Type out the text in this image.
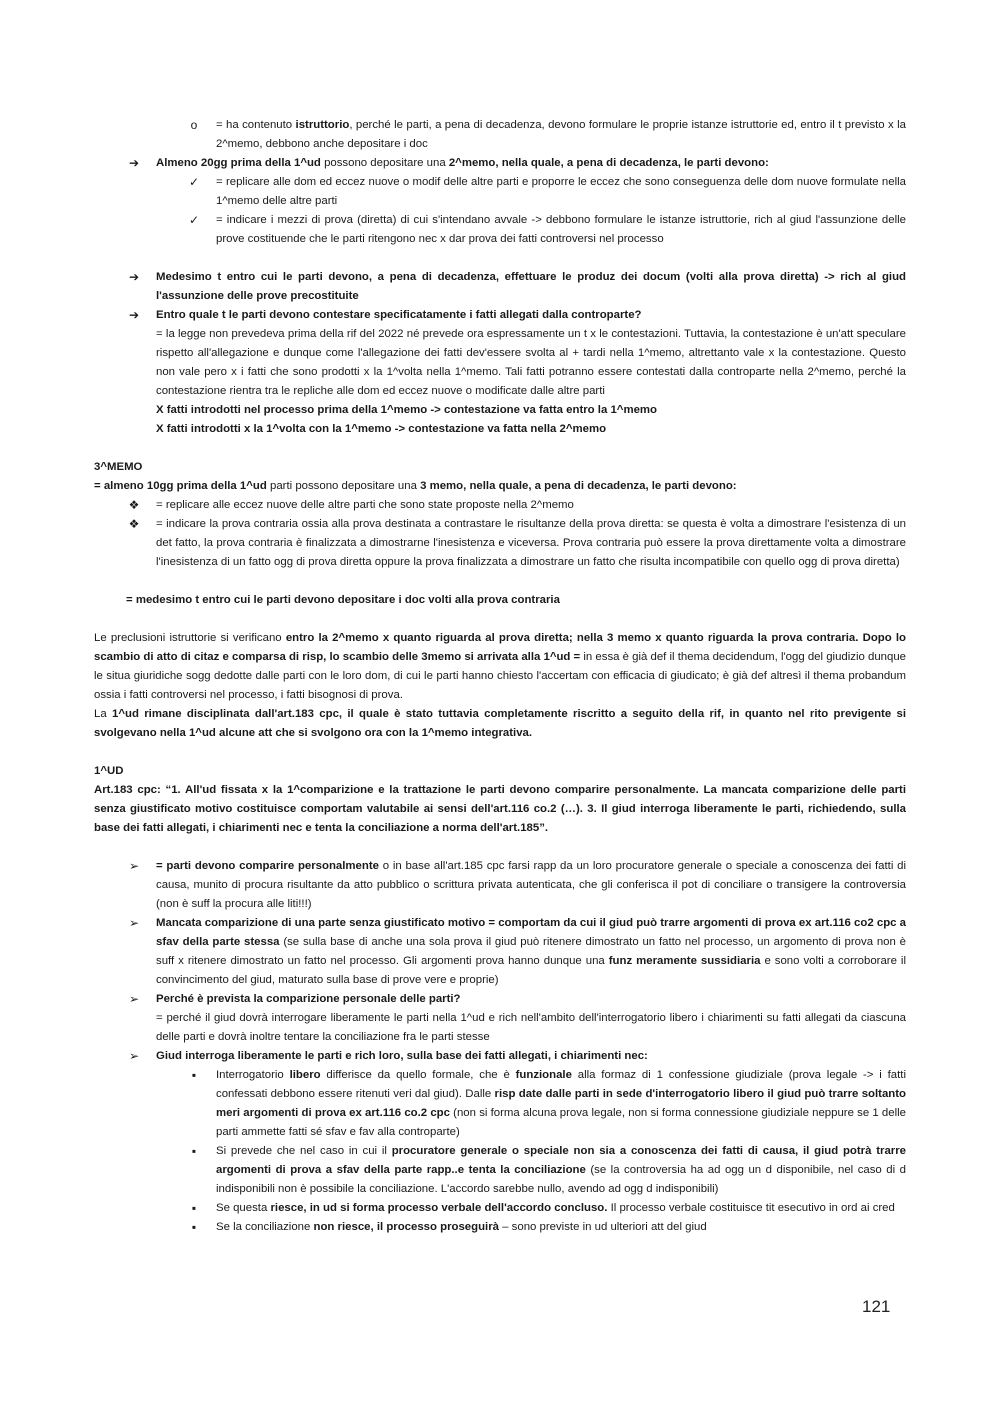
o	= ha contenuto istruttorio, perché le parti, a pena di decadenza, devono formulare le proprie istanze istruttorie ed, entro il t previsto x la 2^memo, debbono anche depositare i doc
➔	Almeno 20gg prima della 1^ud possono depositare una 2^memo, nella quale, a pena di decadenza, le parti devono:
✓	= replicare alle dom ed eccez nuove o modif delle altre parti e proporre le eccez che sono conseguenza delle dom nuove formulate nella 1^memo delle altre parti
✓	= indicare i mezzi di prova (diretta) di cui s'intendano avvale -> debbono formulare le istanze istruttorie, rich al giud l'assunzione delle prove costituende che le parti ritengono nec x dar prova dei fatti controversi nel processo
➔	Medesimo t entro cui le parti devono, a pena di decadenza, effettuare le produz dei docum (volti alla prova diretta) -> rich al giud l'assunzione delle prove precostituite
➔	Entro quale t le parti devono contestare specificatamente i fatti allegati dalla controparte?
= la legge non prevedeva prima della rif del 2022 né prevede ora espressamente un t x le contestazioni. Tuttavia, la contestazione è un'att speculare rispetto all'allegazione e dunque come l'allegazione dei fatti dev'essere svolta al + tardi nella 1^memo, altrettanto vale x la contestazione. Questo non vale pero x i fatti che sono prodotti x la 1^volta nella 1^memo. Tali fatti potranno essere contestati dalla controparte nella 2^memo, perché la contestazione rientra tra le repliche alle dom ed eccez nuove o modificate dalle altre parti
X fatti introdotti nel processo prima della 1^memo -> contestazione va fatta entro la 1^memo
X fatti introdotti x la 1^volta con la 1^memo -> contestazione va fatta nella 2^memo
3^MEMO
= almeno 10gg prima della 1^ud parti possono depositare una 3 memo, nella quale, a pena di decadenza, le parti devono:
❖	= replicare alle eccez nuove delle altre parti che sono state proposte nella 2^memo
❖	= indicare la prova contraria ossia alla prova destinata a contrastare le risultanze della prova diretta: se questa è volta a dimostrare l'esistenza di un det fatto, la prova contraria è finalizzata a dimostrarne l'inesistenza e viceversa. Prova contraria può essere la prova direttamente volta a dimostrare l'inesistenza di un fatto ogg di prova diretta oppure la prova finalizzata a dimostrare un fatto che risulta incompatibile con quello ogg di prova diretta)
= medesimo t entro cui le parti devono depositare i doc volti alla prova contraria
Le preclusioni istruttorie si verificano entro la 2^memo x quanto riguarda al prova diretta; nella 3 memo x quanto riguarda la prova contraria. Dopo lo scambio di atto di citaz e comparsa di risp, lo scambio delle 3memo si arrivata alla 1^ud = in essa è già def il thema decidendum, l'ogg del giudizio dunque le situa giuridiche sogg dedotte dalle parti con le loro dom, di cui le parti hanno chiesto l'accertam con efficacia di giudicato; è già def altresì il thema probandum ossia i fatti controversi nel processo, i fatti bisognosi di prova.
La 1^ud rimane disciplinata dall'art.183 cpc, il quale è stato tuttavia completamente riscritto a seguito della rif, in quanto nel rito previgente si svolgevano nella 1^ud alcune att che si svolgono ora con la 1^memo integrativa.
1^UD
Art.183 cpc: “1. All'ud fissata x la 1^comparizione e la trattazione le parti devono comparire personalmente. La mancata comparizione delle parti senza giustificato motivo costituisce comportam valutabile ai sensi dell'art.116 co.2 (…). 3. Il giud interroga liberamente le parti, richiedendo, sulla base dei fatti allegati, i chiarimenti nec e tenta la conciliazione a norma dell'art.185”.
➢	= parti devono comparire personalmente o in base all'art.185 cpc farsi rapp da un loro procuratore generale o speciale a conoscenza dei fatti di causa, munito di procura risultante da atto pubblico o scrittura privata autenticata, che gli conferisca il pot di conciliare o transigere la controversia (non è suff la procura alle liti!!!)
➢	Mancata comparizione di una parte senza giustificato motivo = comportam da cui il giud può trarre argomenti di prova ex art.116 co2 cpc a sfav della parte stessa (se sulla base di anche una sola prova il giud può ritenere dimostrato un fatto nel processo, un argomento di prova non è suff x ritenere dimostrato un fatto nel processo. Gli argomenti prova hanno dunque una funz meramente sussidiaria e sono volti a corroborare il convincimento del giud, maturato sulla base di prove vere e proprie)
➢	Perché è prevista la comparizione personale delle parti?
= perché il giud dovrà interrogare liberamente le parti nella 1^ud e rich nell'ambito dell'interrogatorio libero i chiarimenti su fatti allegati da ciascuna delle parti e dovrà inoltre tentare la conciliazione fra le parti stesse
➢	Giud interroga liberamente le parti e rich loro, sulla base dei fatti allegati, i chiarimenti nec:
▪	Interrogatorio libero differisce da quello formale, che è funzionale alla formaz di 1 confessione giudiziale (prova legale -> i fatti confessati debbono essere ritenuti veri dal giud). Dalle risp date dalle parti in sede d'interrogatorio libero il giud può trarre soltanto meri argomenti di prova ex art.116 co.2 cpc (non si forma alcuna prova legale, non si forma connessione giudiziale neppure se 1 delle parti ammette fatti sé sfav e fav alla controparte)
▪	Si prevede che nel caso in cui il procuratore generale o speciale non sia a conoscenza dei fatti di causa, il giud potrà trarre argomenti di prova a sfav della parte rapp..e tenta la conciliazione (se la controversia ha ad ogg un d disponibile, nel caso di d indisponibili non è possibile la conciliazione. L'accordo sarebbe nullo, avendo ad ogg d indisponibili)
▪	Se questa riesce, in ud si forma processo verbale dell'accordo concluso. Il processo verbale costituisce tit esecutivo in ord ai cred
▪	Se la conciliazione non riesce, il processo proseguirà – sono previste in ud ulteriori att del giud
121
